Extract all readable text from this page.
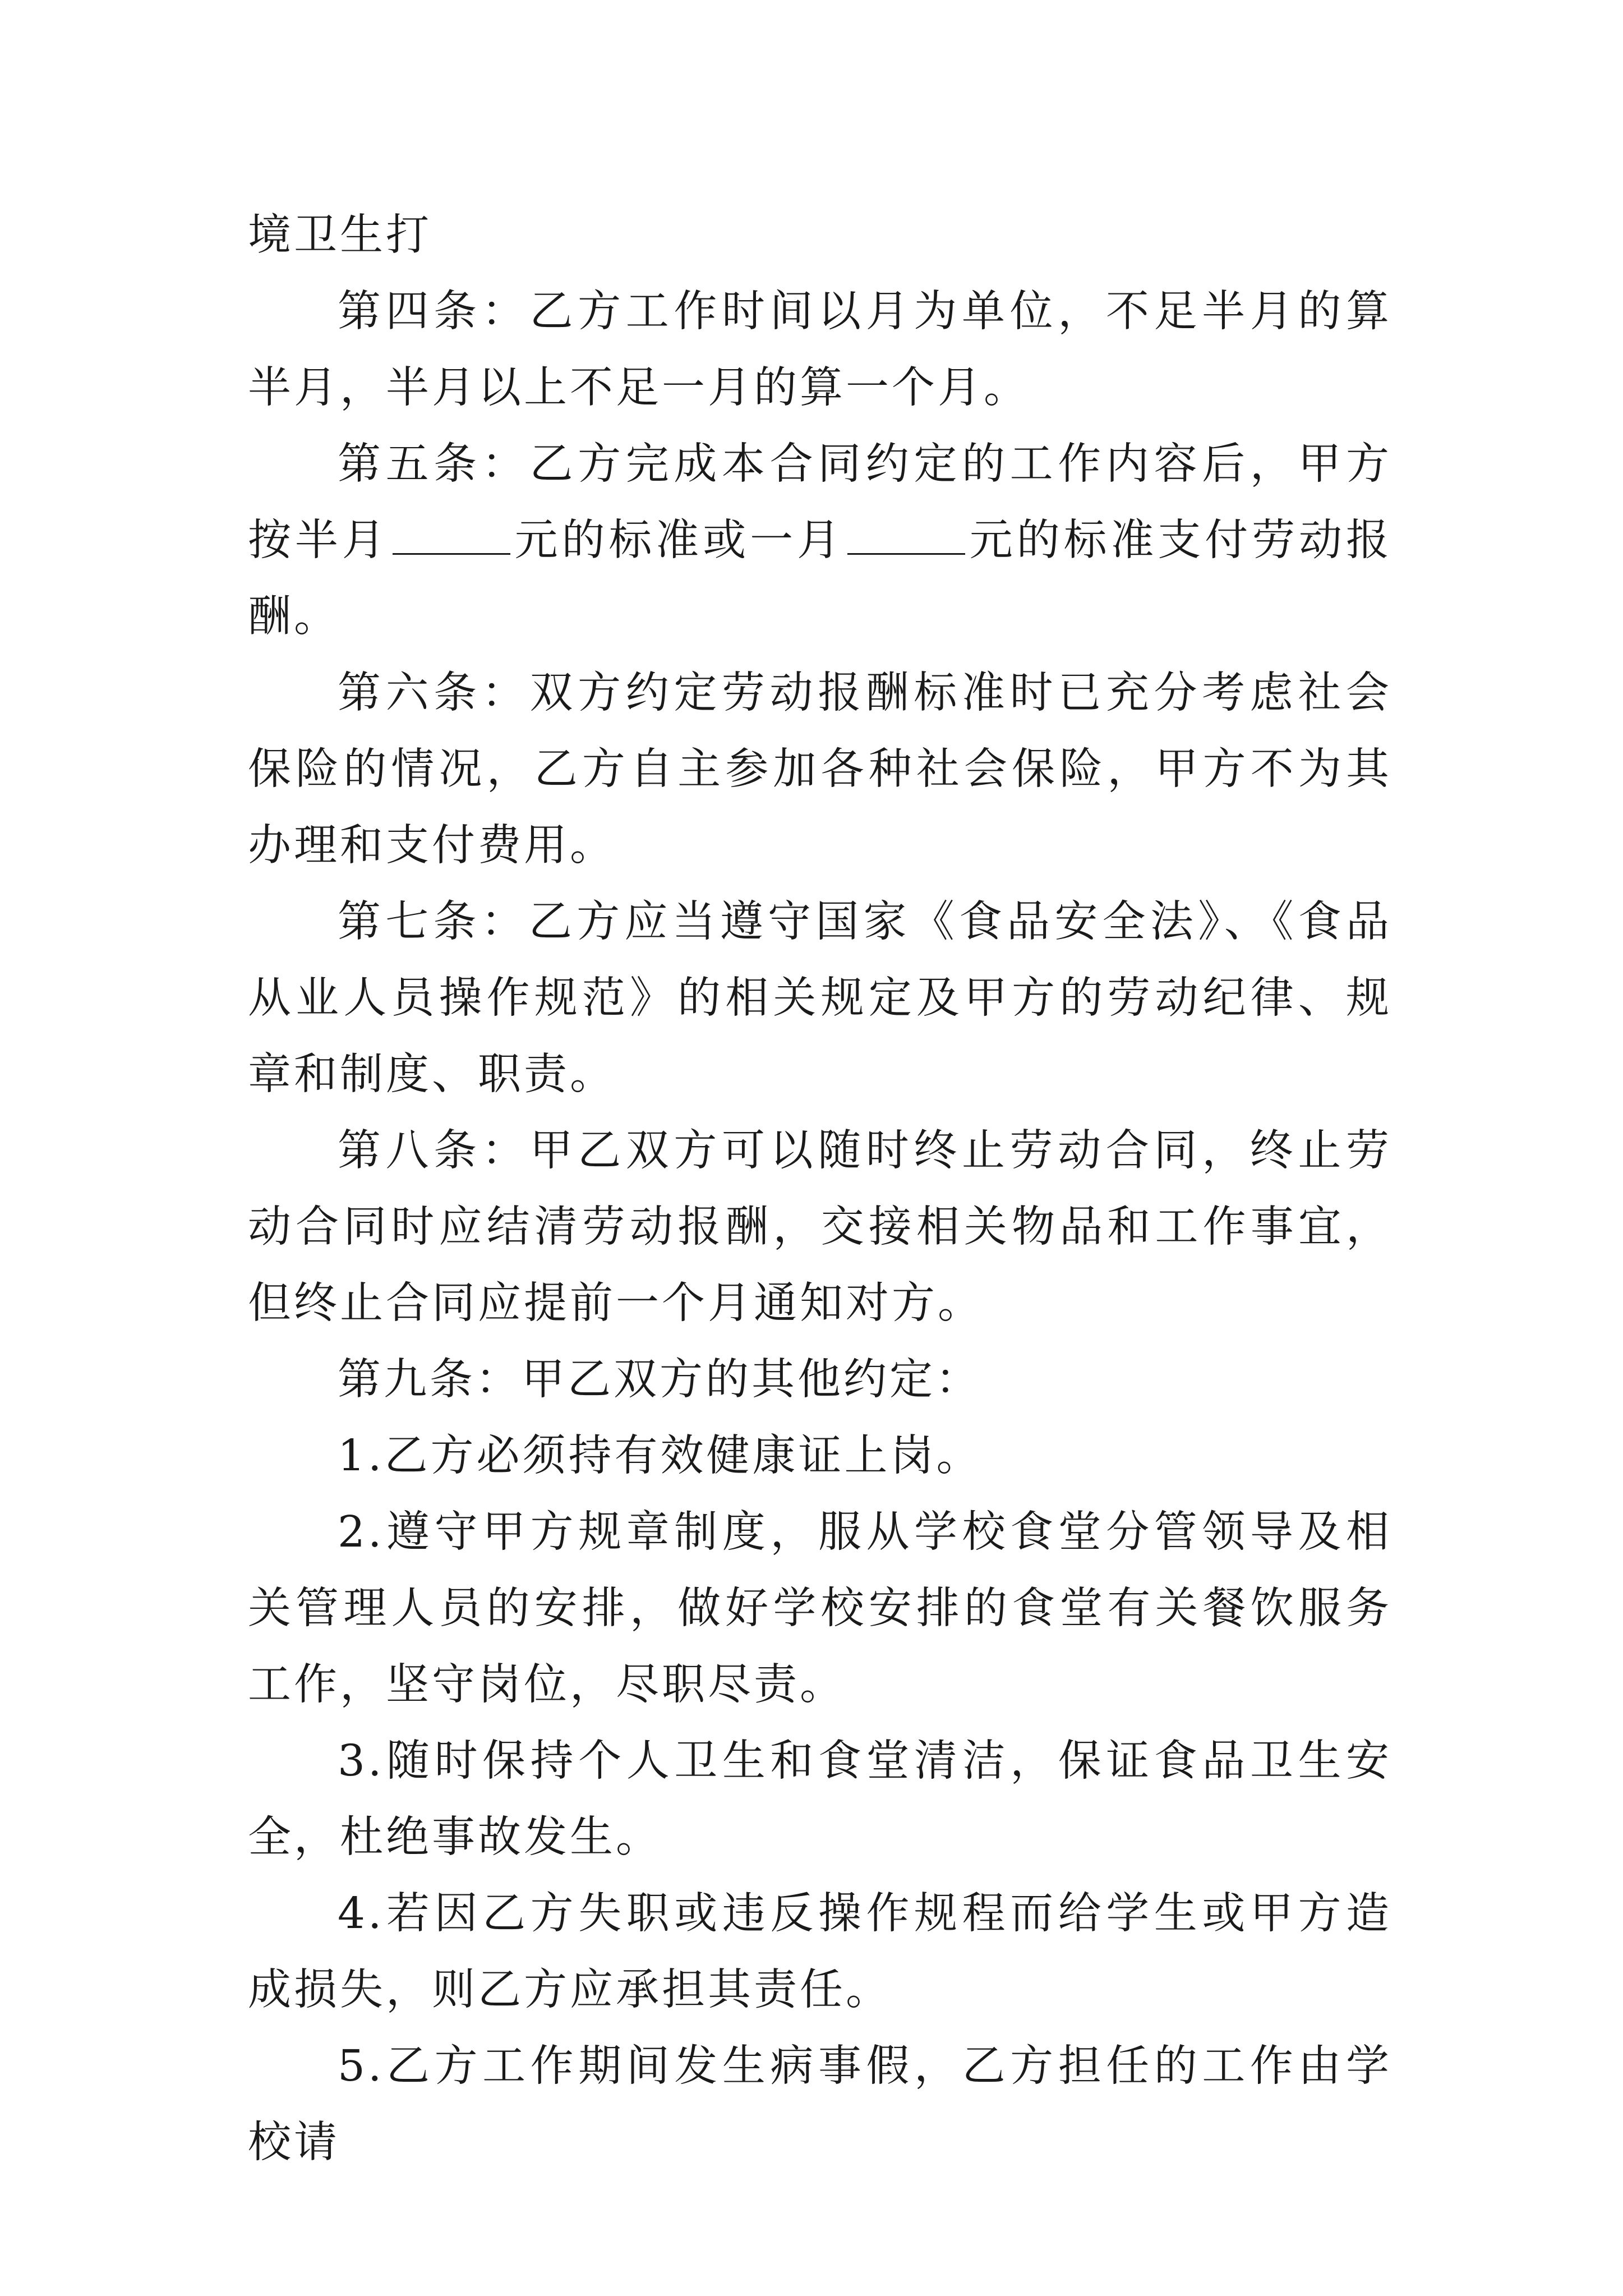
境卫生打

第四条：乙方工作时间以月为单位，不足半月的算半月，半月以上不足一月的算一个月。

第五条：乙方完成本合同约定的工作内容后，甲方按半月	元的标准或一月	元的标准支付劳动报酬。

第六条：双方约定劳动报酬标准时已充分考虑社会保险的情况，乙方自主参加各种社会保险，甲方不为其办理和支付费用。

第七条：乙方应当遵守国家《食品安全法》、《食品从业人员操作规范》的相关规定及甲方的劳动纪律、规章和制度、职责。

第八条：甲乙双方可以随时终止劳动合同，终止劳动合同时应结清劳动报酬，交接相关物品和工作事宜，但终止合同应提前一个月通知对方。

第九条：甲乙双方的其他约定：

1.乙方必须持有效健康证上岗。

2.遵守甲方规章制度，服从学校食堂分管领导及相关管理人员的安排，做好学校安排的食堂有关餐饮服务工作，坚守岗位，尽职尽责。

3.随时保持个人卫生和食堂清洁，保证食品卫生安全，杜绝事故发生。

4.若因乙方失职或违反操作规程而给学生或甲方造成损失，则乙方应承担其责任。

5.乙方工作期间发生病事假，乙方担任的工作由学校请
